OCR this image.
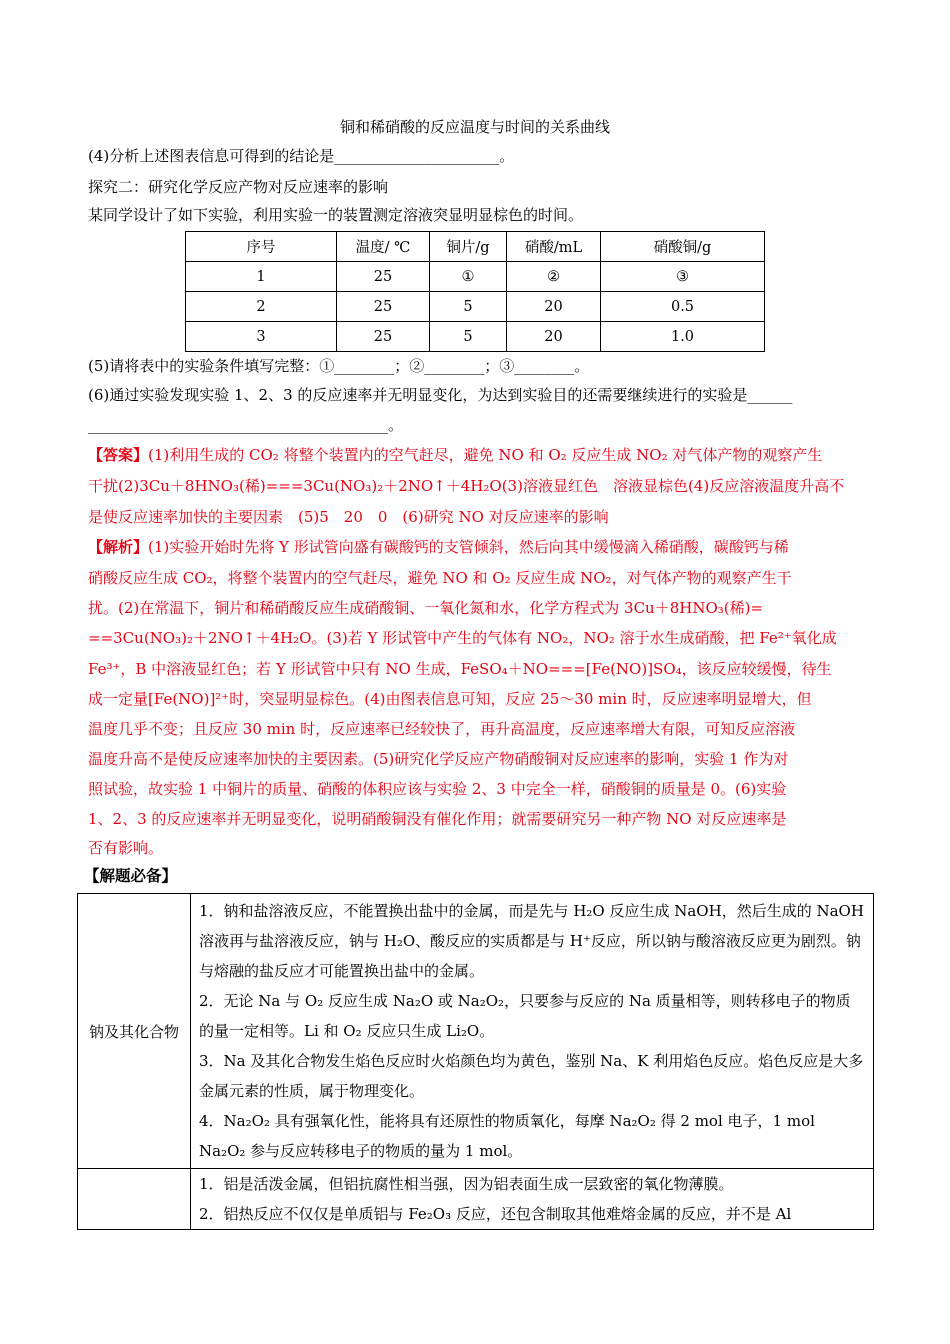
铜和稀硝酸的反应温度与时间的关系曲线
(4)分析上述图表信息可得到的结论是______________________。
探究二：研究化学反应产物对反应速率的影响
某同学设计了如下实验，利用实验一的装置测定溶液突显明显棕色的时间。
序号	温度/ ℃	铜片/g	硝酸/mL	硝酸铜/g
1	25	①	②	③
2	25	5	20	0.5
3	25	5	20	1.0
(5)请将表中的实验条件填写完整：①________；②________；③________。
(6)通过实验发现实验 1、2、3 的反应速率并无明显变化，为达到实验目的还需要继续进行的实验是______
________________________________________。
【答案】(1)利用生成的 CO₂ 将整个装置内的空气赶尽，避免 NO 和 O₂ 反应生成 NO₂ 对气体产物的观察产生
干扰(2)3Cu＋8HNO₃(稀)===3Cu(NO₃)₂＋2NO↑＋4H₂O(3)溶液显红色　溶液显棕色(4)反应溶液温度升高不
是使反应速率加快的主要因素　(5)5　20　0　(6)研究 NO 对反应速率的影响
【解析】(1)实验开始时先将 Y 形试管向盛有碳酸钙的支管倾斜，然后向其中缓慢滴入稀硝酸，碳酸钙与稀
硝酸反应生成 CO₂，将整个装置内的空气赶尽，避免 NO 和 O₂ 反应生成 NO₂，对气体产物的观察产生干
扰。(2)在常温下，铜片和稀硝酸反应生成硝酸铜、一氧化氮和水，化学方程式为 3Cu＋8HNO₃(稀)=
==3Cu(NO₃)₂＋2NO↑＋4H₂O。(3)若 Y 形试管中产生的气体有 NO₂，NO₂ 溶于水生成硝酸，把 Fe²⁺氧化成
Fe³⁺，B 中溶液显红色；若 Y 形试管中只有 NO 生成，FeSO₄＋NO===[Fe(NO)]SO₄，该反应较缓慢，待生
成一定量[Fe(NO)]²⁺时，突显明显棕色。(4)由图表信息可知，反应 25～30 min 时，反应速率明显增大，但
温度几乎不变；且反应 30 min 时，反应速率已经较快了，再升高温度，反应速率增大有限，可知反应溶液
温度升高不是使反应速率加快的主要因素。(5)研究化学反应产物硝酸铜对反应速率的影响，实验 1 作为对
照试验，故实验 1 中铜片的质量、硝酸的体积应该与实验 2、3 中完全一样，硝酸铜的质量是 0。(6)实验
1、2、3 的反应速率并无明显变化，说明硝酸铜没有催化作用；就需要研究另一种产物 NO 对反应速率是
否有影响。
【解题必备】
钠及其化合物	1．钠和盐溶液反应，不能置换出盐中的金属，而是先与 H₂O 反应生成 NaOH，然后生成的 NaOH 溶液再与盐溶液反应，钠与 H₂O、酸反应的实质都是与 H⁺反应，所以钠与酸溶液反应更为剧烈。钠与熔融的盐反应才可能置换出盐中的金属。

2．无论 Na 与 O₂ 反应生成 Na₂O 或 Na₂O₂，只要参与反应的 Na 质量相等，则转移电子的物质的量一定相等。Li 和 O₂ 反应只生成 Li₂O。

3．Na 及其化合物发生焰色反应时火焰颜色均为黄色，鉴别 Na、K 利用焰色反应。焰色反应是大多金属元素的性质，属于物理变化。

4．Na₂O₂ 具有强氧化性，能将具有还原性的物质氧化，每摩 Na₂O₂ 得 2 mol 电子，1 mol Na₂O₂ 参与反应转移电子的物质的量为 1 mol。

	1．铝是活泼金属，但铝抗腐性相当强，因为铝表面生成一层致密的氧化物薄膜。

2．铝热反应不仅仅是单质铝与 Fe₂O₃ 反应，还包含制取其他难熔金属的反应，并不是 Al
